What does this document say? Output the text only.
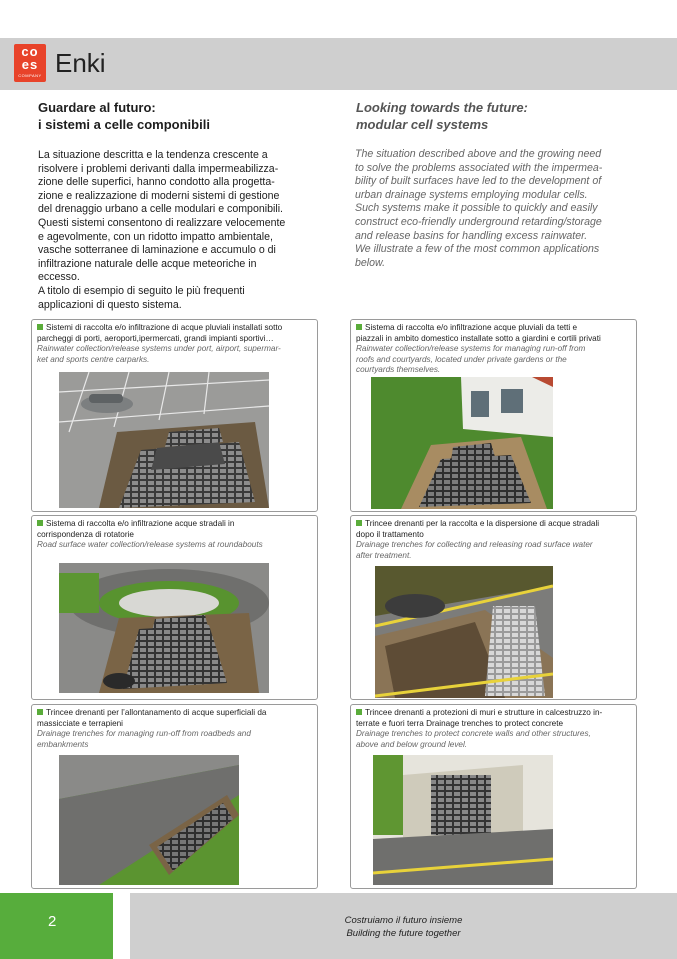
co
es
COMPANY Enki
Guardare al futuro:
i sistemi a celle componibili
Looking towards the future:
modular cell systems
La situazione descritta e la tendenza crescente a
risolvere i problemi derivanti dalla impermeabilizza-
zione delle superfici, hanno condotto alla progetta-
zione e realizzazione di moderni sistemi di gestione
del drenaggio urbano a celle modulari e componibili.
Questi sistemi consentono di realizzare velocemente
e agevolmente, con un ridotto impatto ambientale,
vasche sotterranee di laminazione e accumulo o di
infiltrazione naturale delle acque meteoriche in
eccesso.
A titolo di esempio di seguito le più frequenti
applicazioni di questo sistema.
The situation described above and the growing need
to solve the problems associated with the impermea-
bility of built surfaces have led to the development of
urban drainage systems employing modular cells.
Such systems make it possible to quickly and easily
construct eco-friendly underground retarding/storage
and release basins for handling excess rainwater.
We illustrate a few of the most common applications
below.
Sistemi di raccolta e/o infiltrazione di acque pluviali installati sotto
parcheggi di porti, aeroporti,ipermercati, grandi impianti sportivi…
Rainwater collection/release systems under port, airport, supermar-
ket and sports centre carparks.
Sistema di raccolta e/o infiltrazione acque pluviali da tetti e
piazzali in ambito domestico installate sotto a giardini e cortili privati
Rainwater collection/release systems for managing run-off from
roofs and courtyards, located under private gardens or the
courtyards themselves.
Sistema di raccolta e/o infiltrazione acque stradali in
corrispondenza di rotatorie
Road surface water collection/release systems at roundabouts
Trincee drenanti per la raccolta e la dispersione di acque stradali
dopo il trattamento
Drainage trenches for collecting and releasing road surface water
after treatment.
Trincee drenanti per l’allontanamento di acque superficiali da
massicciate e terrapieni
Drainage trenches for managing run-off from roadbeds and
embankments
Trincee drenanti a protezioni di muri e strutture in calcestruzzo in-
terrate e fuori terra Drainage trenches to protect concrete
Drainage trenches to protect concrete walls and other structures,
above and below ground level.
2	Costruiamo il futuro insieme
Building the future together
